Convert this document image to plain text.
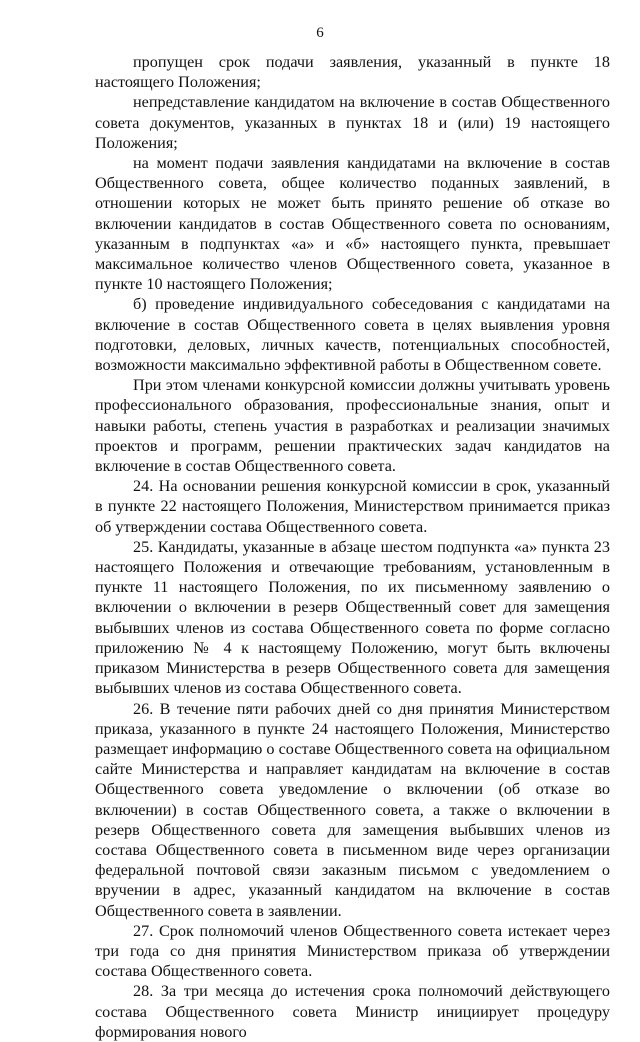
6

пропущен срок подачи заявления, указанный в пункте 18 настоящего Положения;

непредставление кандидатом на включение в состав Общественного совета документов, указанных в пунктах 18 и (или) 19 настоящего Положения;

на момент подачи заявления кандидатами на включение в состав Общественного совета, общее количество поданных заявлений, в отношении которых не может быть принято решение об отказе во включении кандидатов в состав Общественного совета по основаниям, указанным в подпунктах «а» и «б» настоящего пункта, превышает максимальное количество членов Общественного совета, указанное в пункте 10 настоящего Положения;

б) проведение индивидуального собеседования с кандидатами на включение в состав Общественного совета в целях выявления уровня подготовки, деловых, личных качеств, потенциальных способностей, возможности максимально эффективной работы в Общественном совете.

При этом членами конкурсной комиссии должны учитывать уровень профессионального образования, профессиональные знания, опыт и навыки работы, степень участия в разработках и реализации значимых проектов и программ, решении практических задач кандидатов на включение в состав Общественного совета.

24. На основании решения конкурсной комиссии в срок, указанный в пункте 22 настоящего Положения, Министерством принимается приказ об утверждении состава Общественного совета.

25. Кандидаты, указанные в абзаце шестом подпункта «а» пункта 23 настоящего Положения и отвечающие требованиям, установленным в пункте 11 настоящего Положения, по их письменному заявлению о включении о включении в резерв Общественный совет для замещения выбывших членов из состава Общественного совета по форме согласно приложению № 4 к настоящему Положению, могут быть включены приказом Министерства в резерв Общественного совета для замещения выбывших членов из состава Общественного совета.

26. В течение пяти рабочих дней со дня принятия Министерством приказа, указанного в пункте 24 настоящего Положения, Министерство размещает информацию о составе Общественного совета на официальном сайте Министерства и направляет кандидатам на включение в состав Общественного совета уведомление о включении (об отказе во включении) в состав Общественного совета, а также о включении в резерв Общественного совета для замещения выбывших членов из состава Общественного совета в письменном виде через организации федеральной почтовой связи заказным письмом с уведомлением о вручении в адрес, указанный кандидатом на включение в состав Общественного совета в заявлении.

27. Срок полномочий членов Общественного совета истекает через три года со дня принятия Министерством приказа об утверждении состава Общественного совета.

28. За три месяца до истечения срока полномочий действующего состава Общественного совета Министр инициирует процедуру формирования нового
